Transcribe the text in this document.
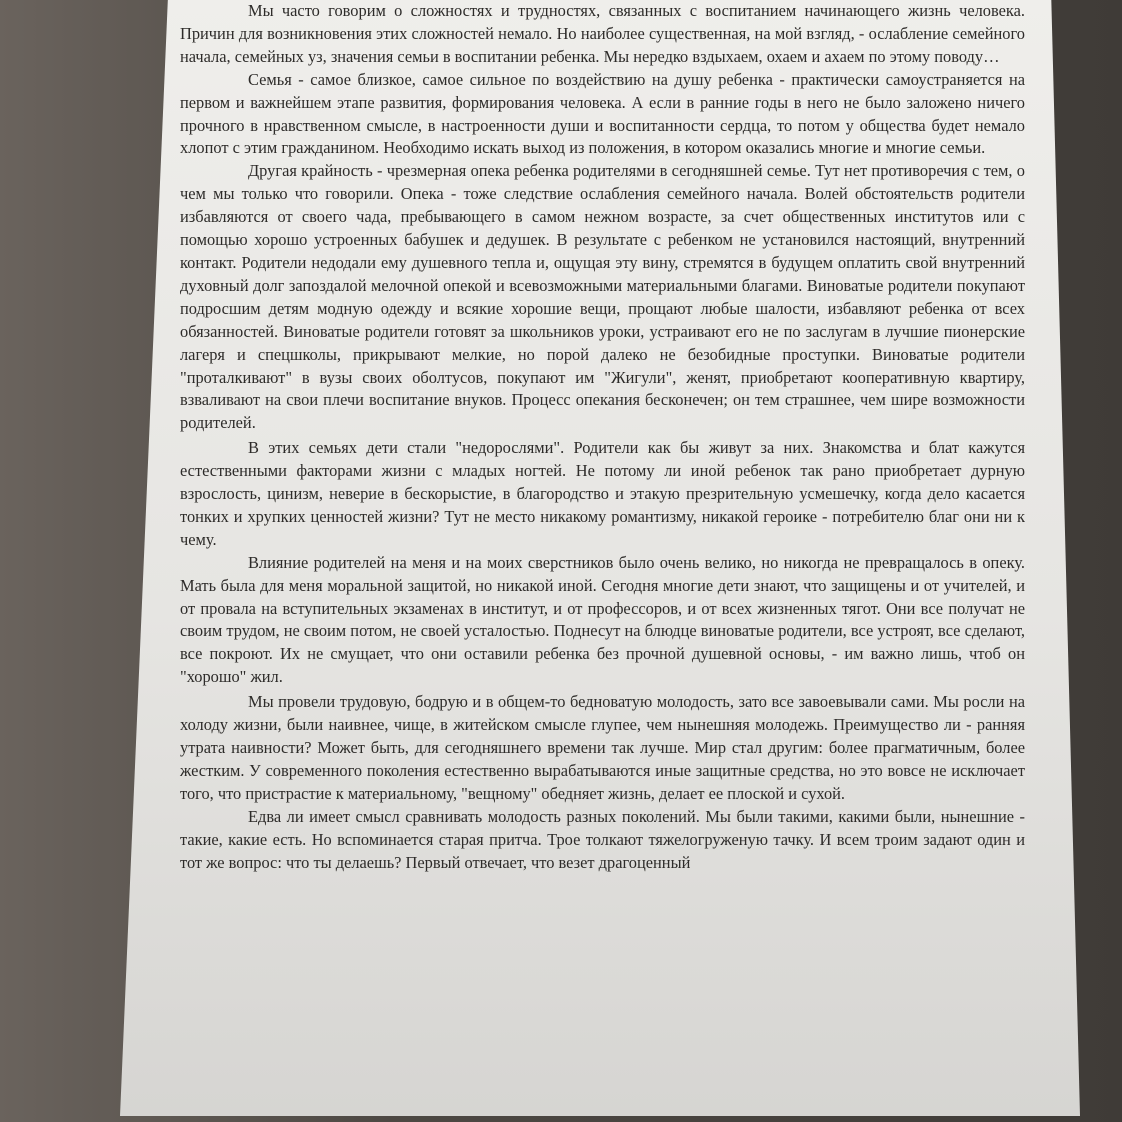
Мы часто говорим о сложностях и трудностях, связанных с воспитанием начинающего жизнь человека. Причин для возникновения этих сложностей немало. Но наиболее существенная, на мой взгляд, - ослабление семейного начала, семейных уз, значения семьи в воспитании ребенка. Мы нередко вздыхаем, охаем и ахаем по этому поводу…

Семья - самое близкое, самое сильное по воздействию на душу ребенка - практически самоустраняется на первом и важнейшем этапе развития, формирования человека. А если в ранние годы в него не было заложено ничего прочного в нравственном смысле, в настроенности души и воспитанности сердца, то потом у общества будет немало хлопот с этим гражданином. Необходимо искать выход из положения, в котором оказались многие и многие семьи.

Другая крайность - чрезмерная опека ребенка родителями в сегодняшней семье. Тут нет противоречия с тем, о чем мы только что говорили. Опека - тоже следствие ослабления семейного начала. Волей обстоятельств родители избавляются от своего чада, пребывающего в самом нежном возрасте, за счет общественных институтов или с помощью хорошо устроенных бабушек и дедушек. В результате с ребенком не установился настоящий, внутренний контакт. Родители недодали ему душевного тепла и, ощущая эту вину, стремятся в будущем оплатить свой внутренний духовный долг запоздалой мелочной опекой и всевозможными материальными благами. Виноватые родители покупают подросшим детям модную одежду и всякие хорошие вещи, прощают любые шалости, избавляют ребенка от всех обязанностей. Виноватые родители готовят за школьников уроки, устраивают его не по заслугам в лучшие пионерские лагеря и спецшколы, прикрывают мелкие, но порой далеко не безобидные проступки. Виноватые родители "проталкивают" в вузы своих оболтусов, покупают им "Жигули", женят, приобретают кооперативную квартиру, взваливают на свои плечи воспитание внуков. Процесс опекания бесконечен; он тем страшнее, чем шире возможности родителей.

В этих семьях дети стали "недорослями". Родители как бы живут за них. Знакомства и блат кажутся естественными факторами жизни с младых ногтей. Не потому ли иной ребенок так рано приобретает дурную взрослость, цинизм, неверие в бескорыстие, в благородство и этакую презрительную усмешечку, когда дело касается тонких и хрупких ценностей жизни? Тут не место никакому романтизму, никакой героике - потребителю благ они ни к чему.

Влияние родителей на меня и на моих сверстников было очень велико, но никогда не превращалось в опеку. Мать была для меня моральной защитой, но никакой иной. Сегодня многие дети знают, что защищены и от учителей, и от провала на вступительных экзаменах в институт, и от профессоров, и от всех жизненных тягот. Они все получат не своим трудом, не своим потом, не своей усталостью. Поднесут на блюдце виноватые родители, все устроят, все сделают, все покроют. Их не смущает, что они оставили ребенка без прочной душевной основы, - им важно лишь, чтоб он "хорошо" жил.

Мы провели трудовую, бодрую и в общем-то бедноватую молодость, зато все завоевывали сами. Мы росли на холоду жизни, были наивнее, чище, в житейском смысле глупее, чем нынешняя молодежь. Преимущество ли - ранняя утрата наивности? Может быть, для сегодняшнего времени так лучше. Мир стал другим: более прагматичным, более жестким. У современного поколения естественно вырабатываются иные защитные средства, но это вовсе не исключает того, что пристрастие к материальному, "вещному" обедняет жизнь, делает ее плоской и сухой.

Едва ли имеет смысл сравнивать молодость разных поколений. Мы были такими, какими были, нынешние - такие, какие есть. Но вспоминается старая притча. Трое толкают тяжелогруженую тачку. И всем троим задают один и тот же вопрос: что ты делаешь? Первый отвечает, что везет драгоценный
